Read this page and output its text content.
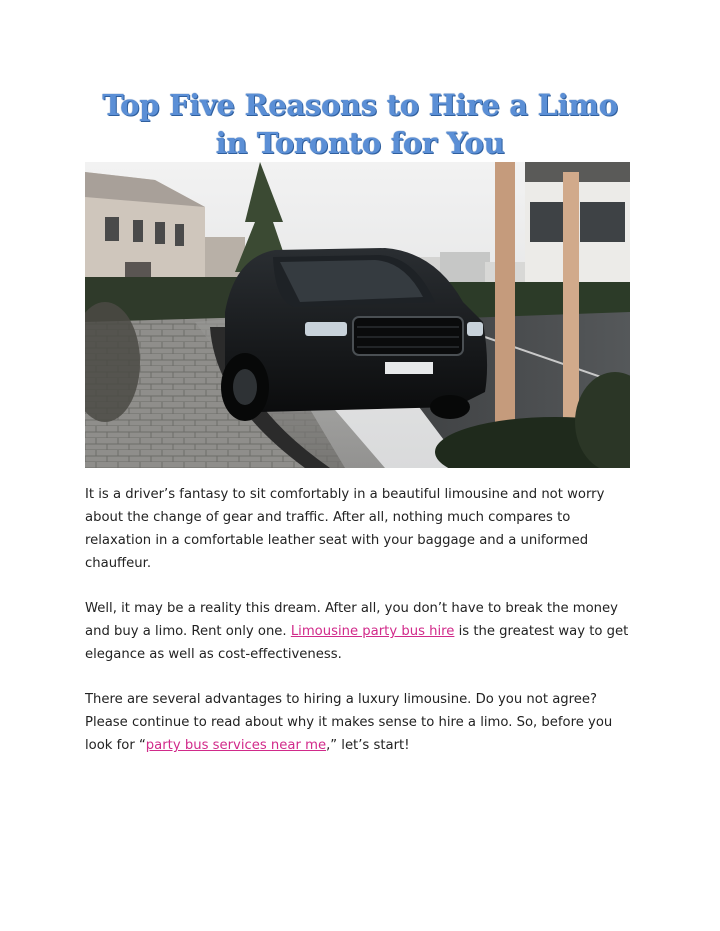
Top Five Reasons to Hire a Limo
in Toronto for You

It is a driver’s fantasy to sit comfortably in a beautiful limousine and not worry about the change of gear and traffic. After all, nothing much compares to relaxation in a comfortable leather seat with your baggage and a uniformed chauffeur.

Well, it may be a reality this dream. After all, you don’t have to break the money and buy a limo. Rent only one. Limousine party bus hire is the greatest way to get elegance as well as cost-effectiveness.

There are several advantages to hiring a luxury limousine. Do you not agree? Please continue to read about why it makes sense to hire a limo. So, before you look for “party bus services near me,” let’s start!
